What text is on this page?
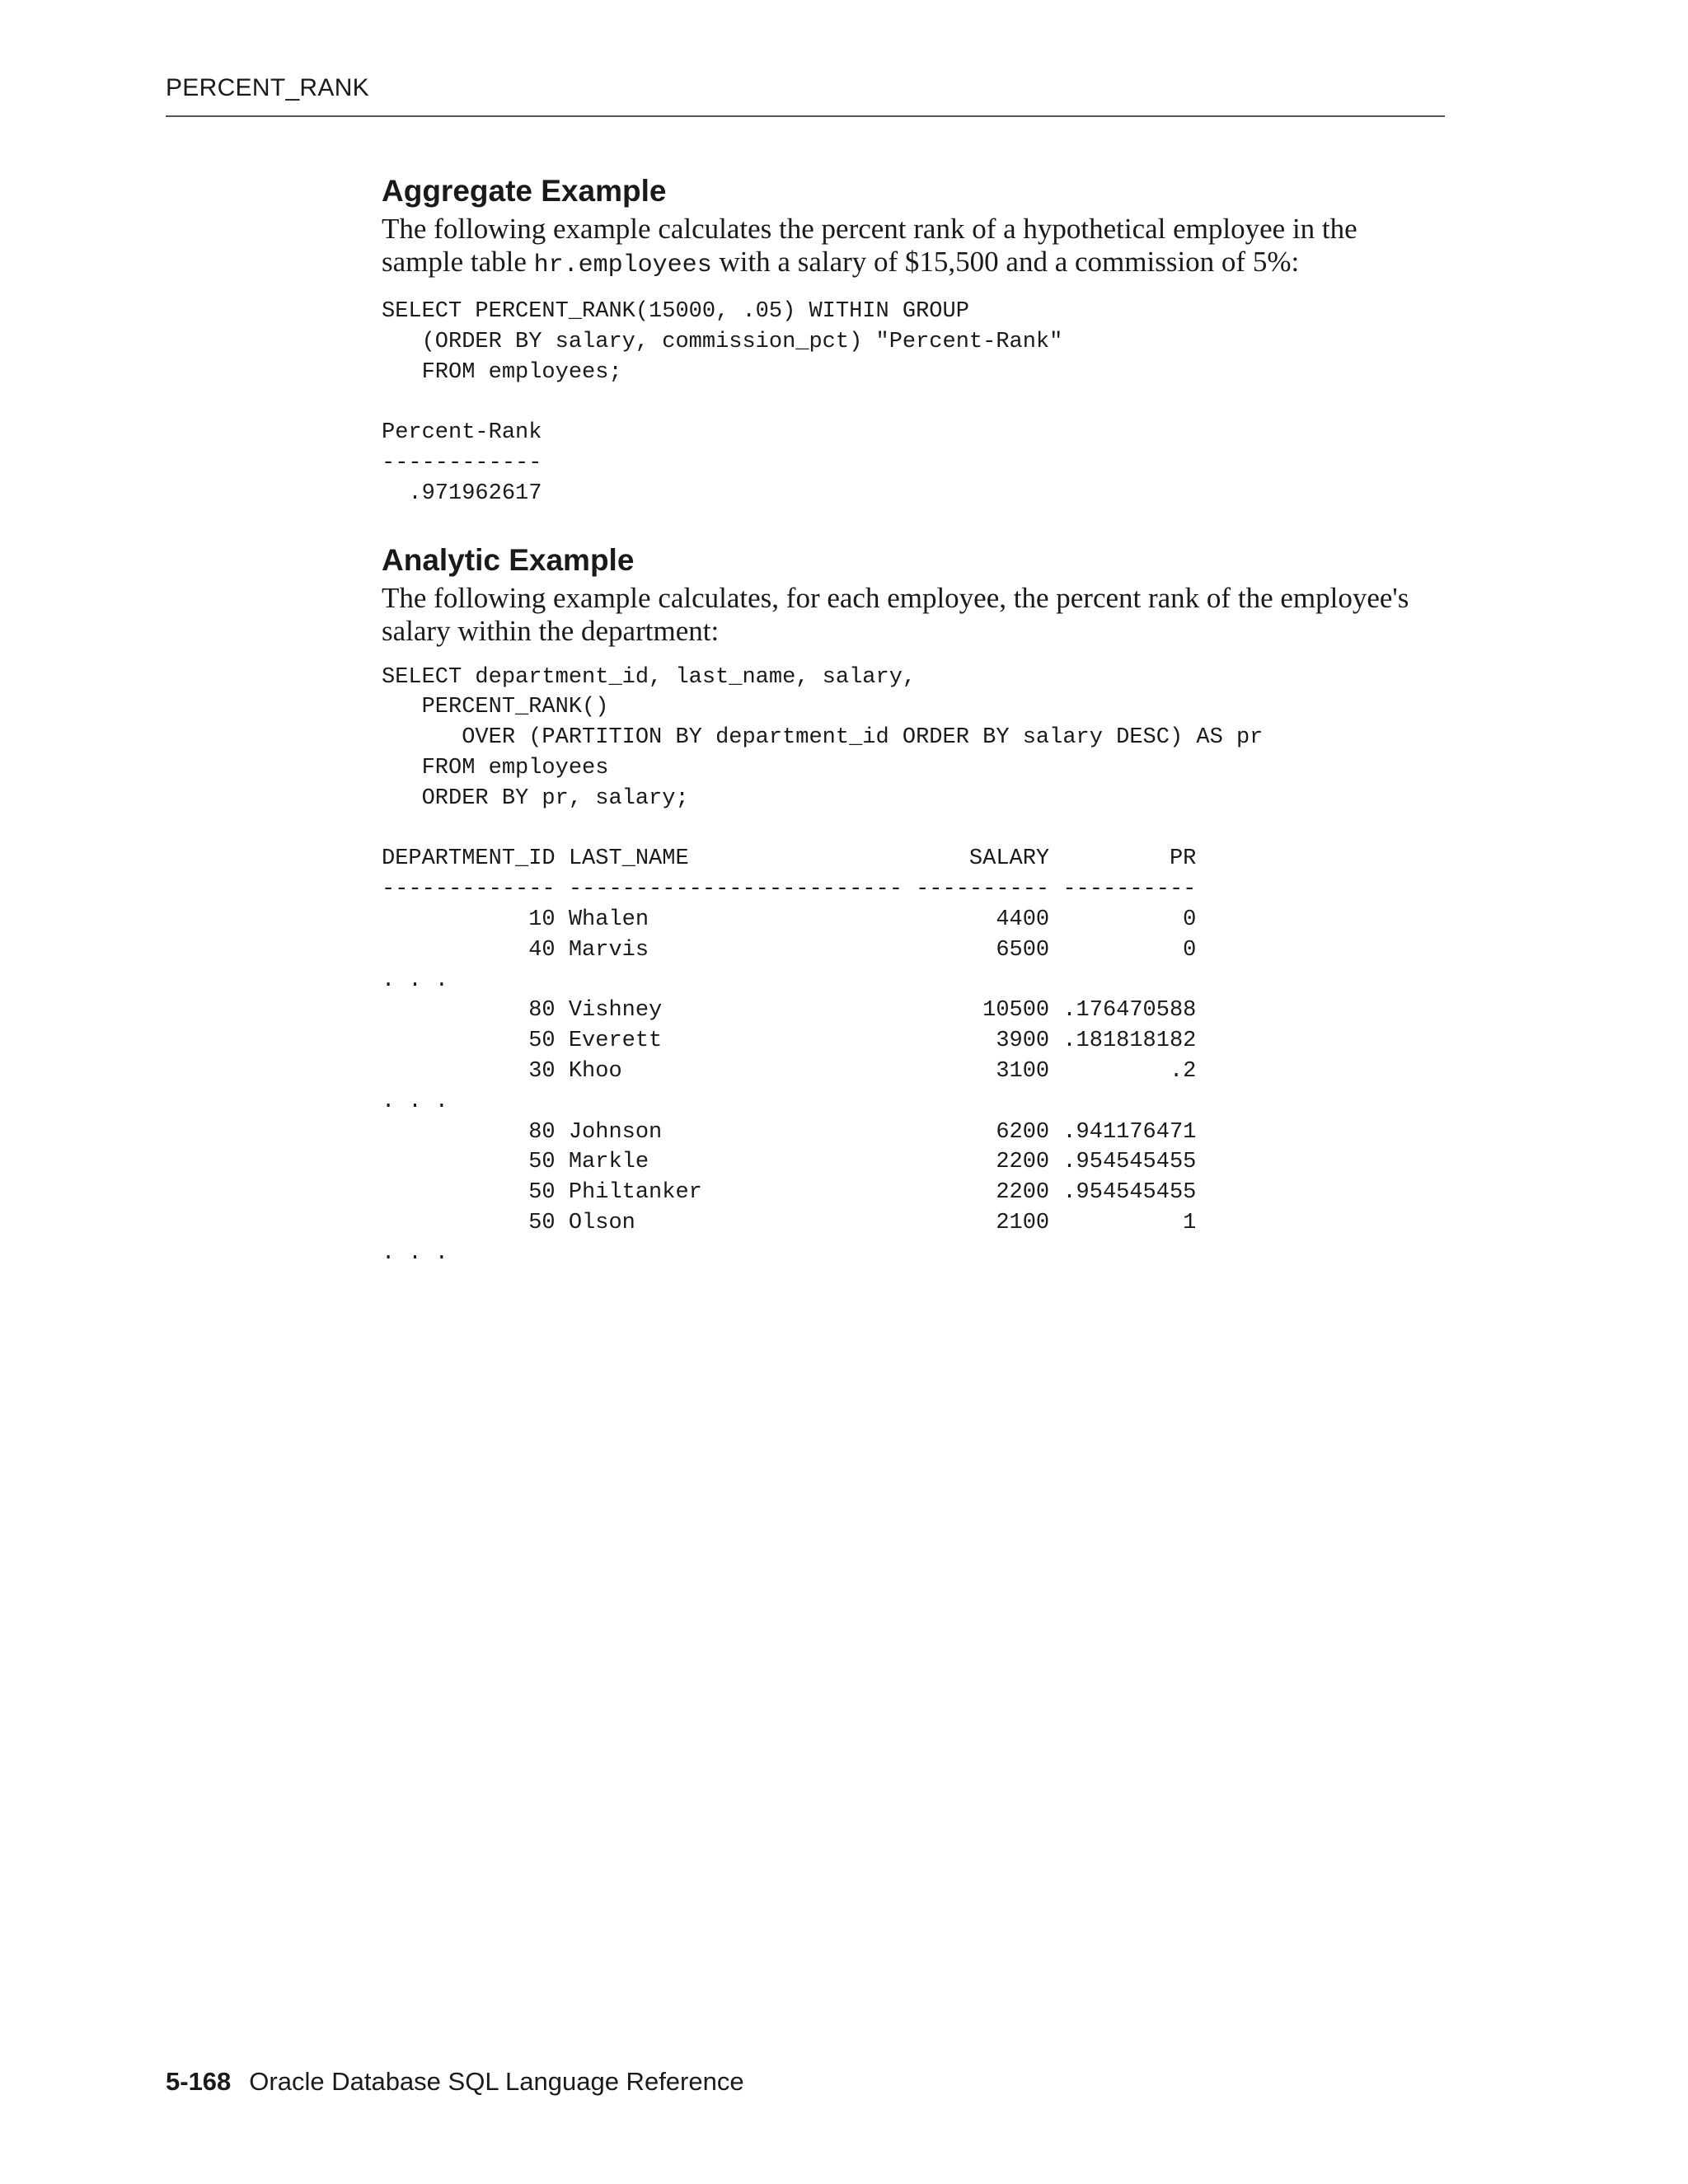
PERCENT_RANK
Aggregate Example

The following example calculates the percent rank of a hypothetical employee in the sample table hr.employees with a salary of $15,500 and a commission of 5%:

SELECT PERCENT_RANK(15000, .05) WITHIN GROUP
(ORDER BY salary, commission_pct) "Percent-Rank"
FROM employees;

Percent-Rank
------------
.971962617
Analytic Example

The following example calculates, for each employee, the percent rank of the employee's salary within the department:

SELECT department_id, last_name, salary,
PERCENT_RANK()
OVER (PARTITION BY department_id ORDER BY salary DESC) AS pr
FROM employees
ORDER BY pr, salary;

DEPARTMENT_ID LAST_NAME                     SALARY         PR
------------- ------------------------- ---------- ----------
10 Whalen                          4400          0
40 Marvis                          6500          0
. . .
80 Vishney                        10500 .176470588
50 Everett                         3900 .181818182
30 Khoo                            3100         .2
. . .
80 Johnson                         6200 .941176471
50 Markle                          2200 .954545455
50 Philtanker                      2200 .954545455
50 Olson                           2100          1
. . .
5-168 Oracle Database SQL Language Reference
